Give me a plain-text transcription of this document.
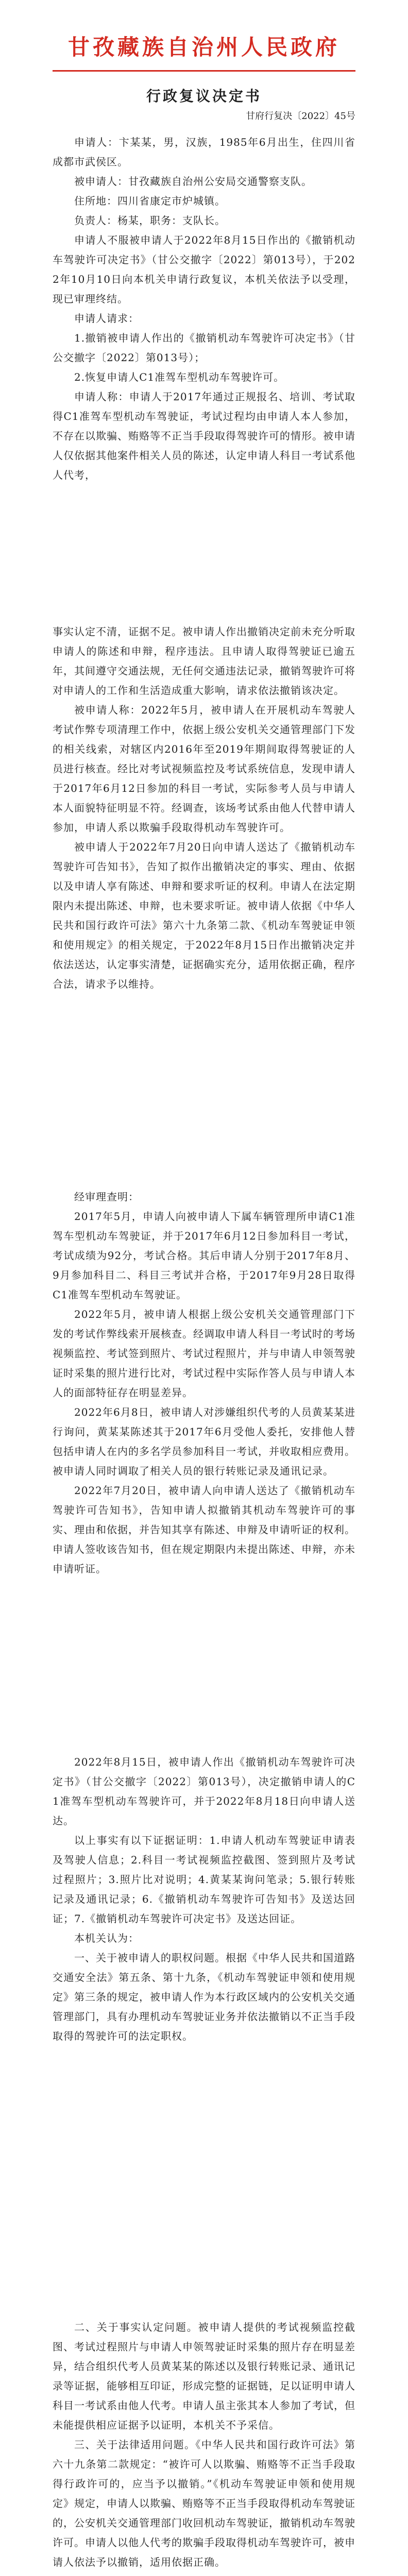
甘孜藏族自治州人民政府
行政复议决定书

甘府行复决〔2022〕45号

申请人：卞某某，男，汉族，1985年6月出生，住四川省成都市武侯区。

被申请人：甘孜藏族自治州公安局交通警察支队。

住所地：四川省康定市炉城镇。

负责人：杨某，职务：支队长。

申请人不服被申请人于2022年8月15日作出的《撤销机动车驾驶许可决定书》（甘公交撤字〔2022〕第013号），于2022年10月10日向本机关申请行政复议，本机关依法予以受理，现已审理终结。

申请人请求：

1.撤销被申请人作出的《撤销机动车驾驶许可决定书》（甘公交撤字〔2022〕第013号）；

2.恢复申请人C1准驾车型机动车驾驶许可。

申请人称：申请人于2017年通过正规报名、培训、考试取得C1准驾车型机动车驾驶证，考试过程均由申请人本人参加，不存在以欺骗、贿赂等不正当手段取得驾驶许可的情形。被申请人仅依据其他案件相关人员的陈述，认定申请人科目一考试系他人代考，

事实认定不清，证据不足。被申请人作出撤销决定前未充分听取申请人的陈述和申辩，程序违法。且申请人取得驾驶证已逾五年，其间遵守交通法规，无任何交通违法记录，撤销驾驶许可将对申请人的工作和生活造成重大影响，请求依法撤销该决定。

被申请人称：2022年5月，被申请人在开展机动车驾驶人考试作弊专项清理工作中，依据上级公安机关交通管理部门下发的相关线索，对辖区内2016年至2019年期间取得驾驶证的人员进行核查。经比对考试视频监控及考试系统信息，发现申请人于2017年6月12日参加的科目一考试，实际参考人员与申请人本人面貌特征明显不符。经调查，该场考试系由他人代替申请人参加，申请人系以欺骗手段取得机动车驾驶许可。

被申请人于2022年7月20日向申请人送达了《撤销机动车驾驶许可告知书》，告知了拟作出撤销决定的事实、理由、依据以及申请人享有陈述、申辩和要求听证的权利。申请人在法定期限内未提出陈述、申辩，也未要求听证。被申请人依据《中华人民共和国行政许可法》第六十九条第二款、《机动车驾驶证申领和使用规定》的相关规定，于2022年8月15日作出撤销决定并依法送达，认定事实清楚，证据确实充分，适用依据正确，程序合法，请求予以维持。

经审理查明：

2017年5月，申请人向被申请人下属车辆管理所申请C1准驾车型机动车驾驶证，并于2017年6月12日参加科目一考试，考试成绩为92分，考试合格。其后申请人分别于2017年8月、9月参加科目二、科目三考试并合格，于2017年9月28日取得C1准驾车型机动车驾驶证。

2022年5月，被申请人根据上级公安机关交通管理部门下发的考试作弊线索开展核查。经调取申请人科目一考试时的考场视频监控、考试签到照片、考试过程照片，并与申请人申领驾驶证时采集的照片进行比对，考试过程中实际作答人员与申请人本人的面部特征存在明显差异。

2022年6月8日，被申请人对涉嫌组织代考的人员黄某某进行询问，黄某某陈述其于2017年6月受他人委托，安排他人替包括申请人在内的多名学员参加科目一考试，并收取相应费用。被申请人同时调取了相关人员的银行转账记录及通讯记录。

2022年7月20日，被申请人向申请人送达了《撤销机动车驾驶许可告知书》，告知申请人拟撤销其机动车驾驶许可的事实、理由和依据，并告知其享有陈述、申辩及申请听证的权利。申请人签收该告知书，但在规定期限内未提出陈述、申辩，亦未申请听证。

2022年8月15日，被申请人作出《撤销机动车驾驶许可决定书》（甘公交撤字〔2022〕第013号），决定撤销申请人的C1准驾车型机动车驾驶许可，并于2022年8月18日向申请人送达。

以上事实有以下证据证明：1.申请人机动车驾驶证申请表及驾驶人信息；2.科目一考试视频监控截图、签到照片及考试过程照片；3.照片比对说明；4.黄某某询问笔录；5.银行转账记录及通讯记录；6.《撤销机动车驾驶许可告知书》及送达回证；7.《撤销机动车驾驶许可决定书》及送达回证。

本机关认为：

一、关于被申请人的职权问题。根据《中华人民共和国道路交通安全法》第五条、第十九条，《机动车驾驶证申领和使用规定》第三条的规定，被申请人作为本行政区域内的公安机关交通管理部门，具有办理机动车驾驶证业务并依法撤销以不正当手段取得的驾驶许可的法定职权。

二、关于事实认定问题。被申请人提供的考试视频监控截图、考试过程照片与申请人申领驾驶证时采集的照片存在明显差异，结合组织代考人员黄某某的陈述以及银行转账记录、通讯记录等证据，能够相互印证，形成完整的证据链，足以证明申请人科目一考试系由他人代考。申请人虽主张其本人参加了考试，但未能提供相应证据予以证明，本机关不予采信。

三、关于法律适用问题。《中华人民共和国行政许可法》第六十九条第二款规定：“被许可人以欺骗、贿赂等不正当手段取得行政许可的，应当予以撤销。”《机动车驾驶证申领和使用规定》规定，申请人以欺骗、贿赂等不正当手段取得机动车驾驶证的，公安机关交通管理部门收回机动车驾驶证，撤销机动车驾驶许可。申请人以他人代考的欺骗手段取得机动车驾驶许可，被申请人依法予以撤销，适用依据正确。
